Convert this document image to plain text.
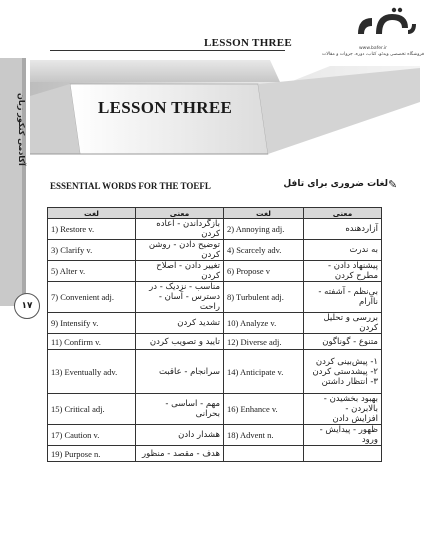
www.bafer.ir
فروشگاه تخصصی ویدئو، کتاب، دوره، جزوات و مقالات
LESSON THREE
LESSON THREE
آکادمی کنکور زبان
۱۷
ESSENTIAL WORDS FOR THE TOEFL	لغات ضروری برای تافل ✎
لغت	معنی	لغت	معنی
1) Restore v.	بازگرداندن - اعاده کردن	2) Annoying adj.	آزاردهنده

3) Clarify v.	توضیح دادن - روشن کردن	4) Scarcely adv.	به ندرت

5) Alter v.	تغییر دادن - اصلاح کردن	6) Propose v	پیشنهاد دادن - مطرح کردن

7) Convenient adj.	مناسب - نزدیک - در
دسترس - آسان - راحت	8) Turbulent adj.	بی‌نظم - آشفته - ناآرام

9) Intensify v.	تشدید کردن	10) Analyze v.	بررسی و تحلیل کردن

11) Confirm v.	تایید و تصویب کردن	12) Diverse adj.	متنوع - گوناگون

13) Eventually adv.	سرانجام - عاقبت	14) Anticipate v.	۱- پیش‌بینی کردن
۲- پیشدستی کردن
۳- انتظار داشتن

15) Critical adj.	مهم - اساسی - بحرانی	16) Enhance v.	بهبود بخشیدن - بالابردن -
افزایش دادن

17) Caution v.	هشدار دادن	18) Advent n.	ظهور - پیدایش - ورود

19) Purpose n.	هدف - مقصد - منظور		
